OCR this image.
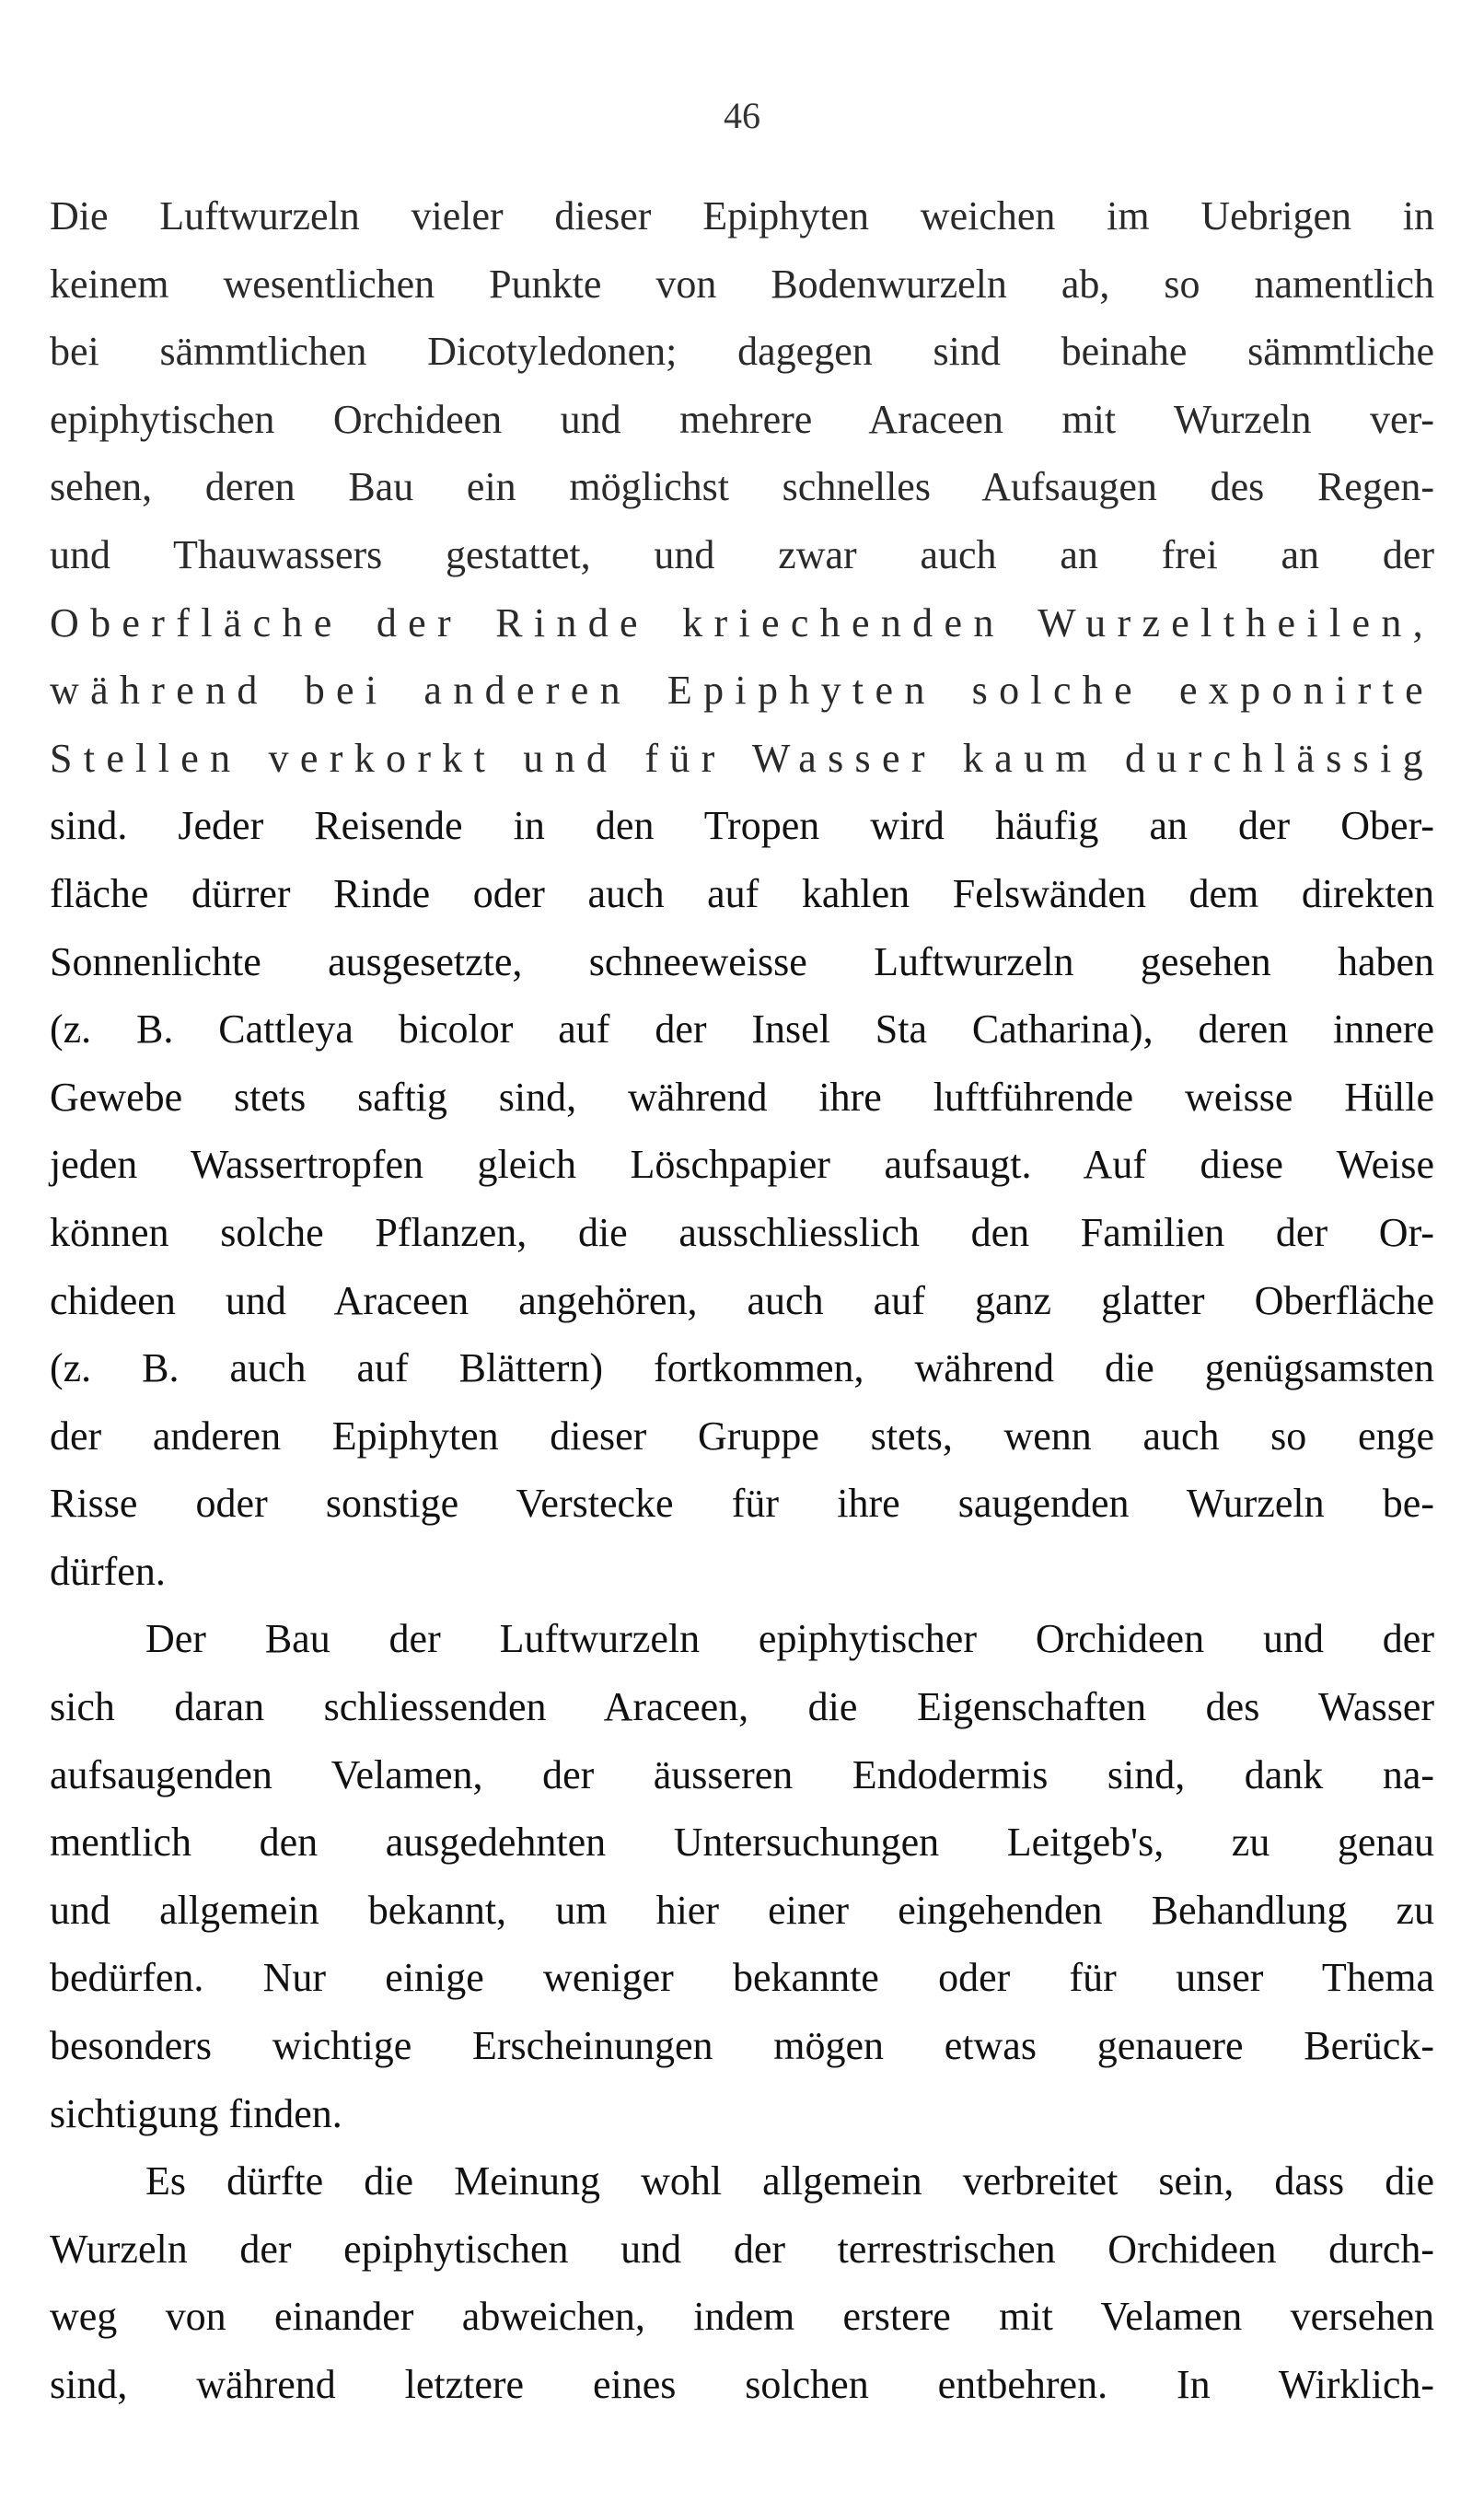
46
Die Luftwurzeln vieler dieser Epiphyten weichen im Uebrigen in
keinem wesentlichen Punkte von Bodenwurzeln ab, so namentlich
bei sämmtlichen Dicotyledonen; dagegen sind beinahe sämmtliche
epiphytischen Orchideen und mehrere Araceen mit Wurzeln ver-
sehen, deren Bau ein möglichst schnelles Aufsaugen des Regen-
und Thauwassers gestattet, und zwar auch an frei an der
Oberfläche der Rinde kriechenden Wurzeltheilen,
während bei anderen Epiphyten solche exponirte
Stellen verkorkt und für Wasser kaum durchlässig
sind. Jeder Reisende in den Tropen wird häufig an der Ober-
fläche dürrer Rinde oder auch auf kahlen Felswänden dem direkten
Sonnenlichte ausgesetzte, schneeweisse Luftwurzeln gesehen haben
(z. B. Cattleya bicolor auf der Insel Sta Catharina), deren innere
Gewebe stets saftig sind, während ihre luftführende weisse Hülle
jeden Wassertropfen gleich Löschpapier aufsaugt. Auf diese Weise
können solche Pflanzen, die ausschliesslich den Familien der Or-
chideen und Araceen angehören, auch auf ganz glatter Oberfläche
(z. B. auch auf Blättern) fortkommen, während die genügsamsten
der anderen Epiphyten dieser Gruppe stets, wenn auch so enge
Risse oder sonstige Verstecke für ihre saugenden Wurzeln be-
dürfen.
Der Bau der Luftwurzeln epiphytischer Orchideen und der
sich daran schliessenden Araceen, die Eigenschaften des Wasser
aufsaugenden Velamen, der äusseren Endodermis sind, dank na-
mentlich den ausgedehnten Untersuchungen Leitgeb's, zu genau
und allgemein bekannt, um hier einer eingehenden Behandlung zu
bedürfen. Nur einige weniger bekannte oder für unser Thema
besonders wichtige Erscheinungen mögen etwas genauere Berück-
sichtigung finden.
Es dürfte die Meinung wohl allgemein verbreitet sein, dass die
Wurzeln der epiphytischen und der terrestrischen Orchideen durch-
weg von einander abweichen, indem erstere mit Velamen versehen
sind, während letztere eines solchen entbehren. In Wirklich-
